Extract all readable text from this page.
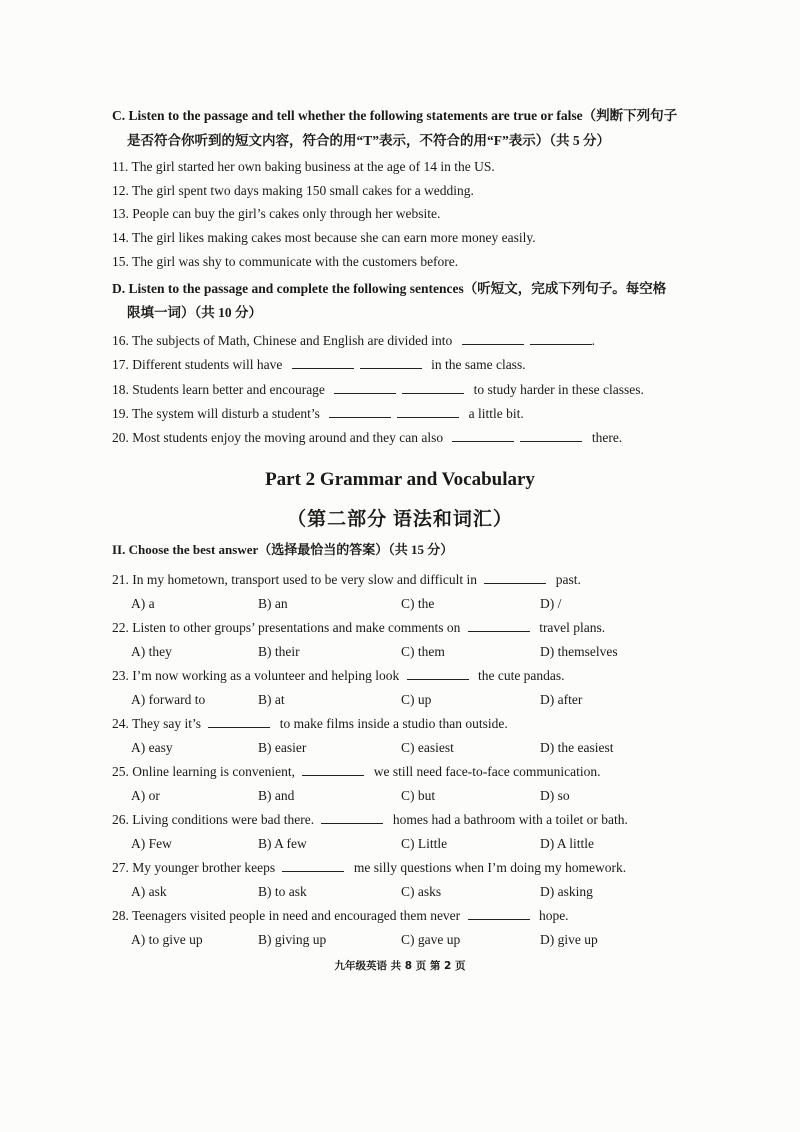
C. Listen to the passage and tell whether the following statements are true or false（判断下列句子
是否符合你听到的短文内容，符合的用“T”表示，不符合的用“F”表示）（共 5 分）
11. The girl started her own baking business at the age of 14 in the US.
12. The girl spent two days making 150 small cakes for a wedding.
13. People can buy the girl’s cakes only through her website.
14. The girl likes making cakes most because she can earn more money easily.
15. The girl was shy to communicate with the customers before.
D. Listen to the passage and complete the following sentences（听短文，完成下列句子。每空格
限填一词）（共 10 分）
16. The subjects of Math, Chinese and English are divided into	.
17. Different students will have	in the same class.
18. Students learn better and encourage	to study harder in these classes.
19. The system will disturb a student’s	a little bit.
20. Most students enjoy the moving around and they can also	there.
Part 2 Grammar and Vocabulary
（第二部分 语法和词汇）
II. Choose the best answer（选择最恰当的答案）（共 15 分）
21. In my hometown, transport used to be very slow and difficult in	past.
A) a	B) an	C) the	D) /
22. Listen to other groups’ presentations and make comments on	travel plans.
A) they	B) their	C) them	D) themselves
23. I’m now working as a volunteer and helping look	the cute pandas.
A) forward to	B) at	C) up	D) after
24. They say it’s	to make films inside a studio than outside.
A) easy	B) easier	C) easiest	D) the easiest
25. Online learning is convenient,	we still need face-to-face communication.
A) or	B) and	C) but	D) so
26. Living conditions were bad there.	homes had a bathroom with a toilet or bath.
A) Few	B) A few	C) Little	D) A little
27. My younger brother keeps	me silly questions when I’m doing my homework.
A) ask	B) to ask	C) asks	D) asking
28. Teenagers visited people in need and encouraged them never	hope.
A) to give up	B) giving up	C) gave up	D) give up
九年级英语 共 8 页 第 2 页
